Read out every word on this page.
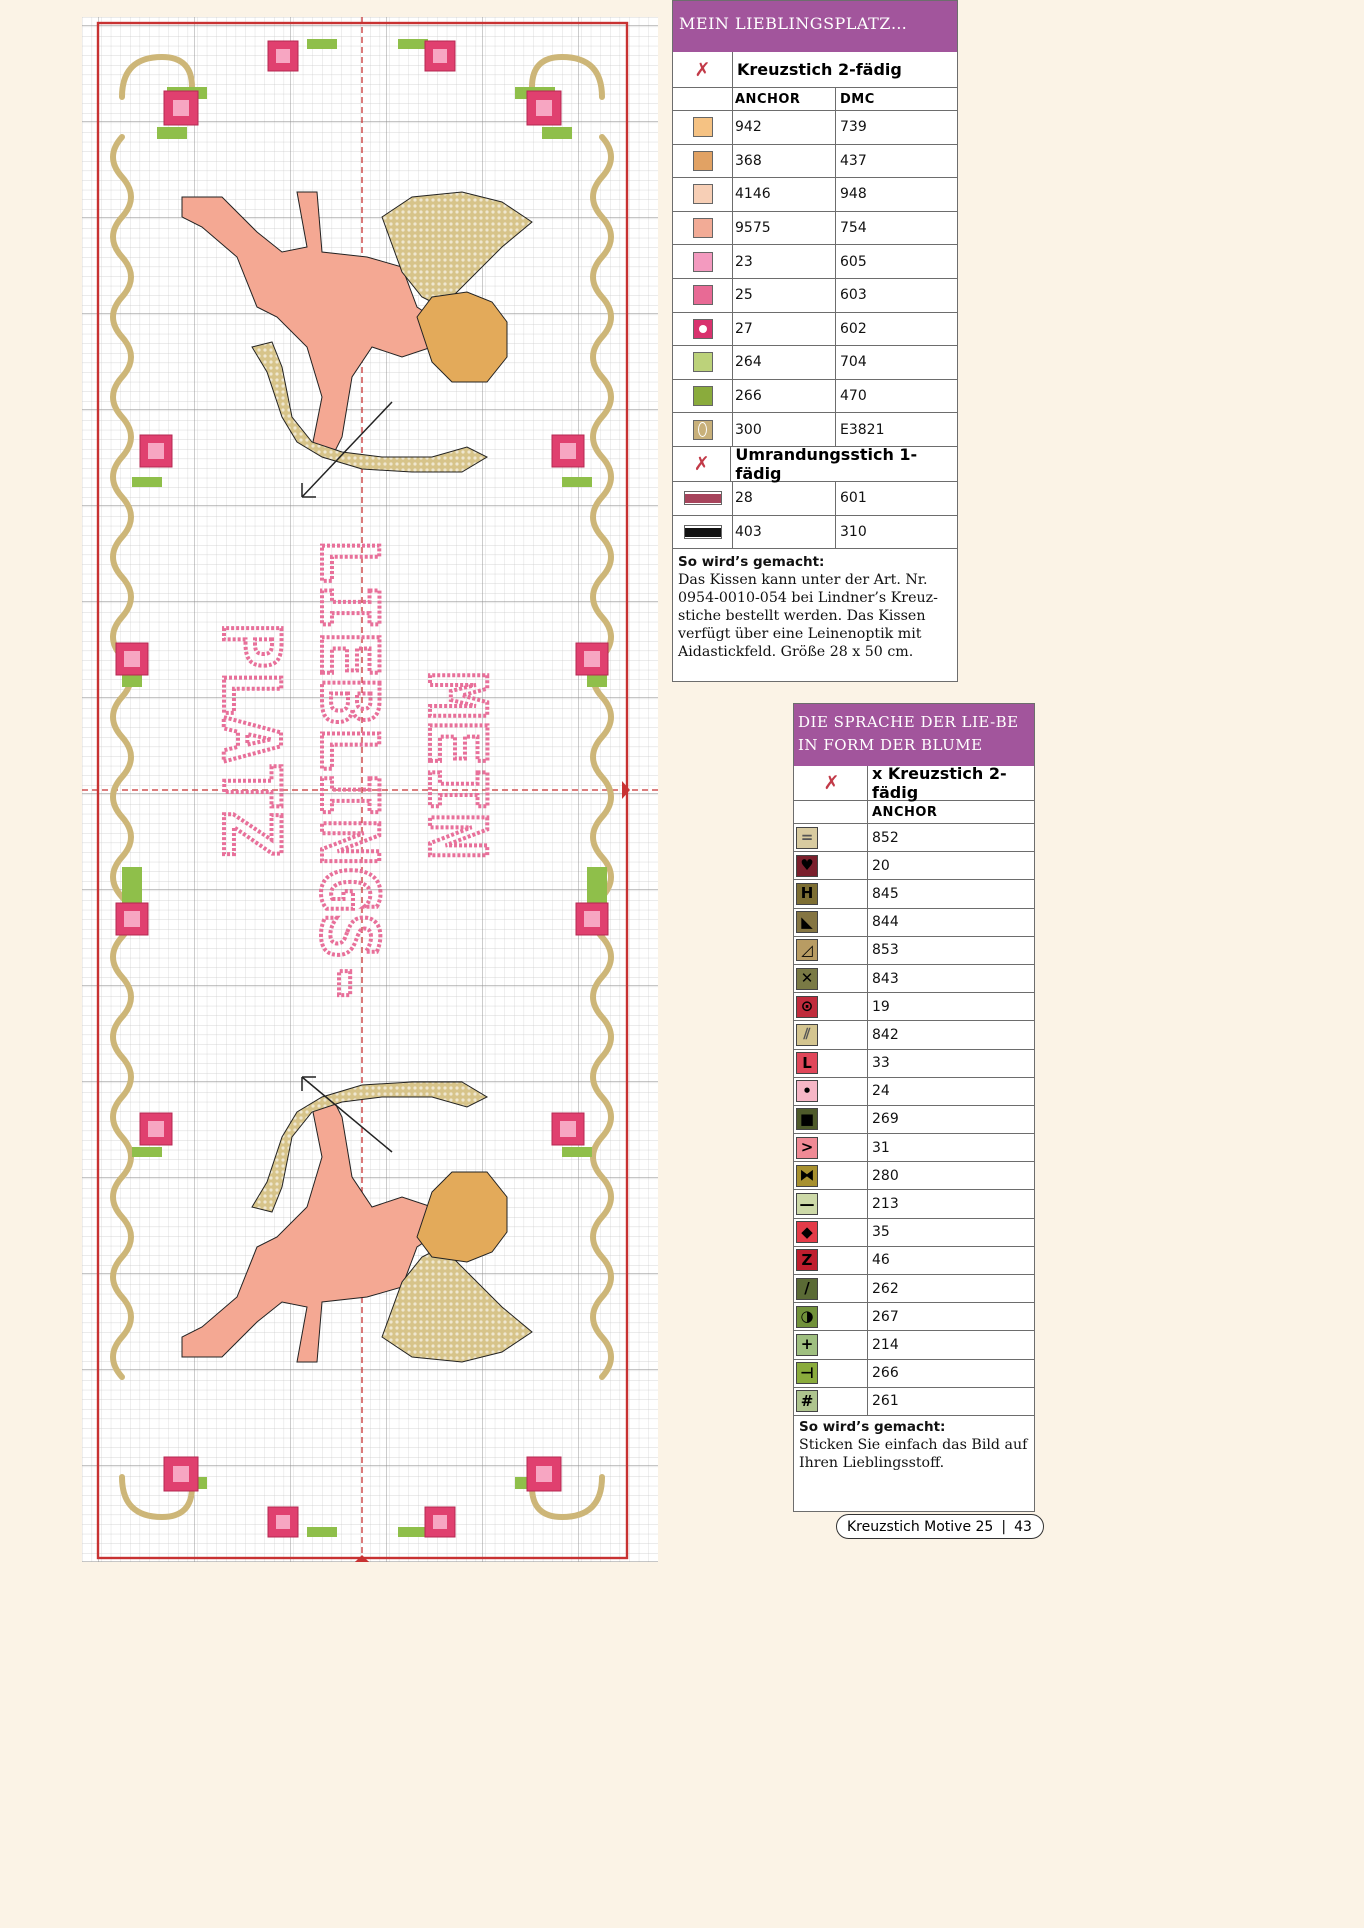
MEIN
LIEBLINGS-
PLATZ
MEIN LIEBLINGSPLATZ…
✗ Kreuzstich 2-fädig
ANCHOR	DMC
942	739
368	437
4146	948
9575	754
23	605
25	603
27	602
264	704
266	470
300	E3821
✗ Umrandungsstich 1-fädig
28	601
403	310
So wird’s gemacht:
Das Kissen kann unter der Art. Nr. 0954-0010-054 bei Lindner’s Kreuz-stiche bestellt werden. Das Kissen verfügt über eine Leinenoptik mit Aidastickfeld. Größe 28 x 50 cm.
DIE SPRACHE DER LIE-BE IN FORM DER BLUME
✗ x Kreuzstich 2-fädig
ANCHOR
=	852
♥	20
H	845
◣	844
◿	853
✕	843
⊙	19
⫽	842
L	33
•	24
■	269
>	31
⧓	280
—	213
◆	35
Z	46
/	262
◑	267
+	214
⊣	266
#	261
So wird’s gemacht:
Sticken Sie einfach das Bild auf Ihren Lieblingsstoff.
Kreuzstich Motive 25 | 43
